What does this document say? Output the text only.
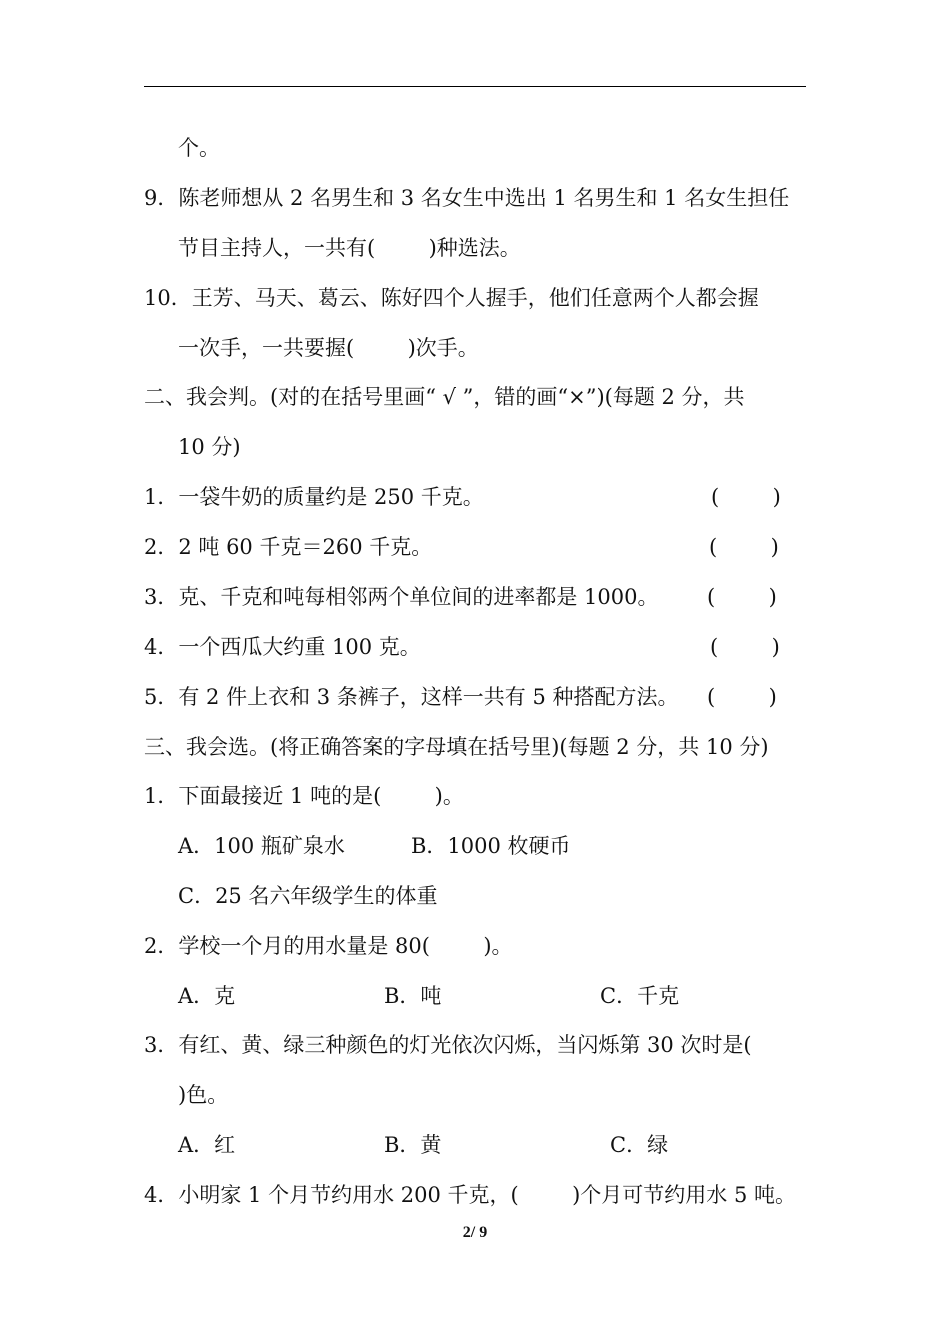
个。
9．陈老师想从 2 名男生和 3 名女生中选出 1 名男生和 1 名女生担任
节目主持人，一共有(        )种选法。
10．王芳、马天、葛云、陈好四个人握手，他们任意两个人都会握
一次手，一共要握(        )次手。
二、我会判。(对的在括号里画“ √ ”，错的画“×”)(每题 2 分，共
10 分)
1．一袋牛奶的质量约是 250 千克。	(        )
2．2 吨 60 千克＝260 千克。	(        )
3．克、千克和吨每相邻两个单位间的进率都是 1000。 (        )
4．一个西瓜大约重 100 克。	(        )
5．有 2 件上衣和 3 条裤子，这样一共有 5 种搭配方法。 (        )
三、我会选。(将正确答案的字母填在括号里)(每题 2 分，共 10 分)
1．下面最接近 1 吨的是(        )。
A．100 瓶矿泉水	B．1000 枚硬币
C．25 名六年级学生的体重
2．学校一个月的用水量是 80(        )。
A．克	B．吨	C．千克
3．有红、黄、绿三种颜色的灯光依次闪烁，当闪烁第 30 次时是(
)色。
A．红	B．黄	C．绿
4．小明家 1 个月节约用水 200 千克，(        )个月可节约用水 5 吨。
2/ 9
